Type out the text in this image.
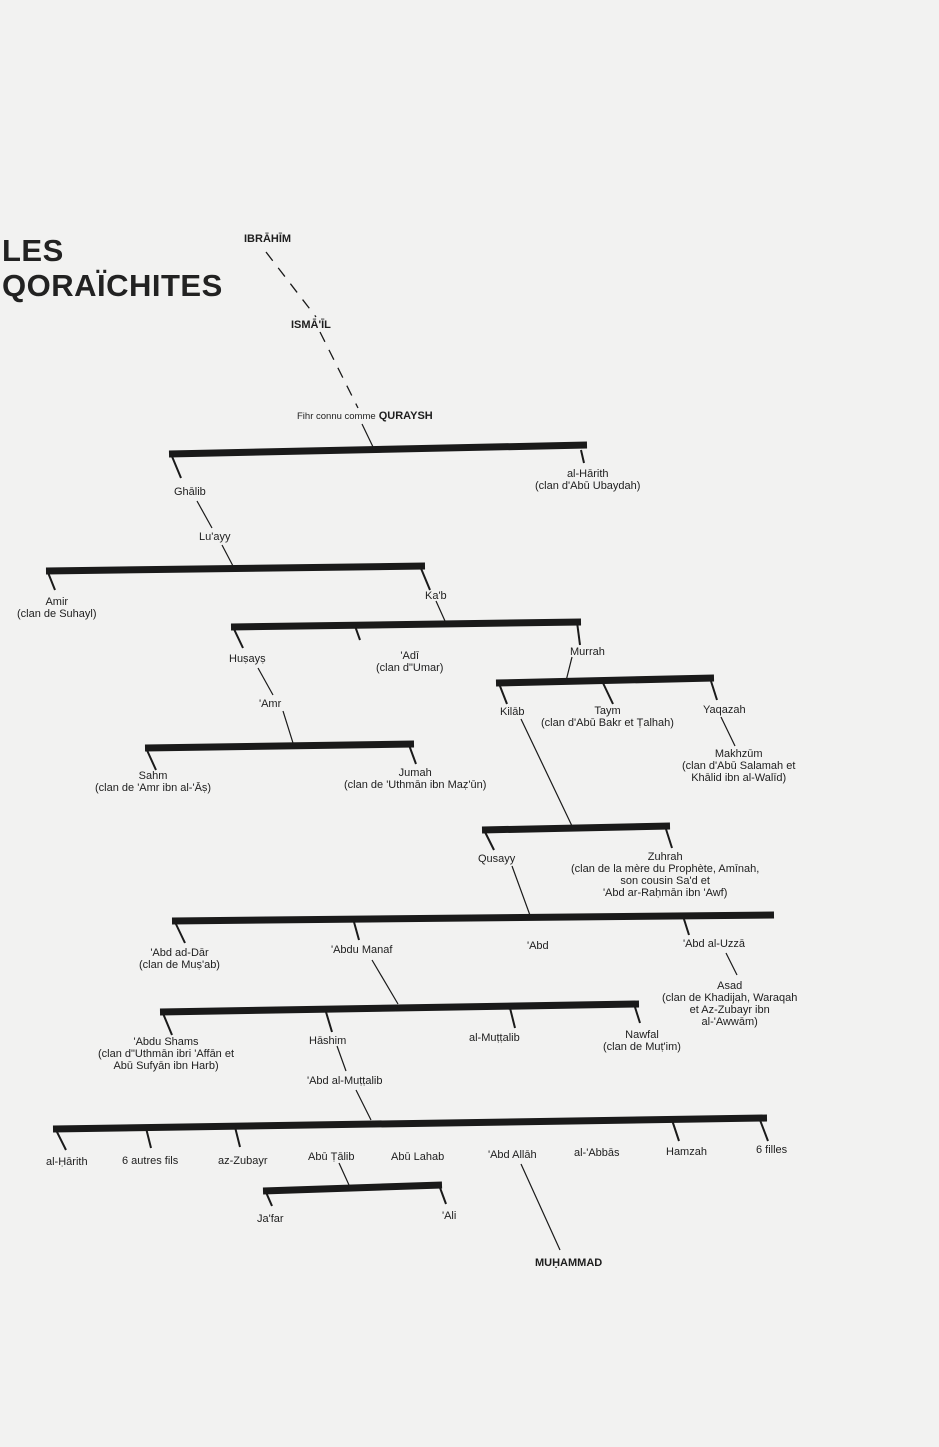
LES
QORAÏCHITES
IBRĀHĪM
ISMĀ'ĪL
Fihr connu comme QURAYSH
al-Hārith
(clan d'Abū Ubaydah)
Ghālib
Lu'ayy
Amir
(clan de Suhayl)
Ka'b
Huṣayṣ	'Adī
(clan d"Umar)
Murrah
'Amr
Kilāb	Taym
(clan d'Abū Bakr et Ṭalhah)
Yaqazah
Sahm
(clan de 'Amr ibn al-'Āṣ)
Jumah
(clan de 'Uthmān ibn Maẓ'ūn)
Makhzūm
(clan d'Abū Salamah et
Khālid ibn al-Walīd)
Qusayy	Zuhrah
(clan de la mère du Prophète, Amīnah,
son cousin Sa'd et
'Abd ar-Raḥmān ibn 'Awf)
'Abd ad-Dār
(clan de Muṣ'ab)
'Abdu Manaf	'Abd	'Abd al-Uzzā
Asad
(clan de Khadijah, Waraqah
et Az-Zubayr ibn
al-'Awwām)
'Abdu Shams
(clan d"Uthmān ibri 'Affān et
Abū Sufyān ibn Harb)
Hāshim	al-Muṭṭalib	Nawfal
(clan de Muṭ'im)
'Abd al-Muṭṭalib
al-Ḥārith	6 autres fils	az-Zubayr	Abū Ṭālib	Abū Lahab	'Abd Allāh	al-'Abbās	Hamzah	6 filles
Ja'far	'Ali
MUḤAMMAD
